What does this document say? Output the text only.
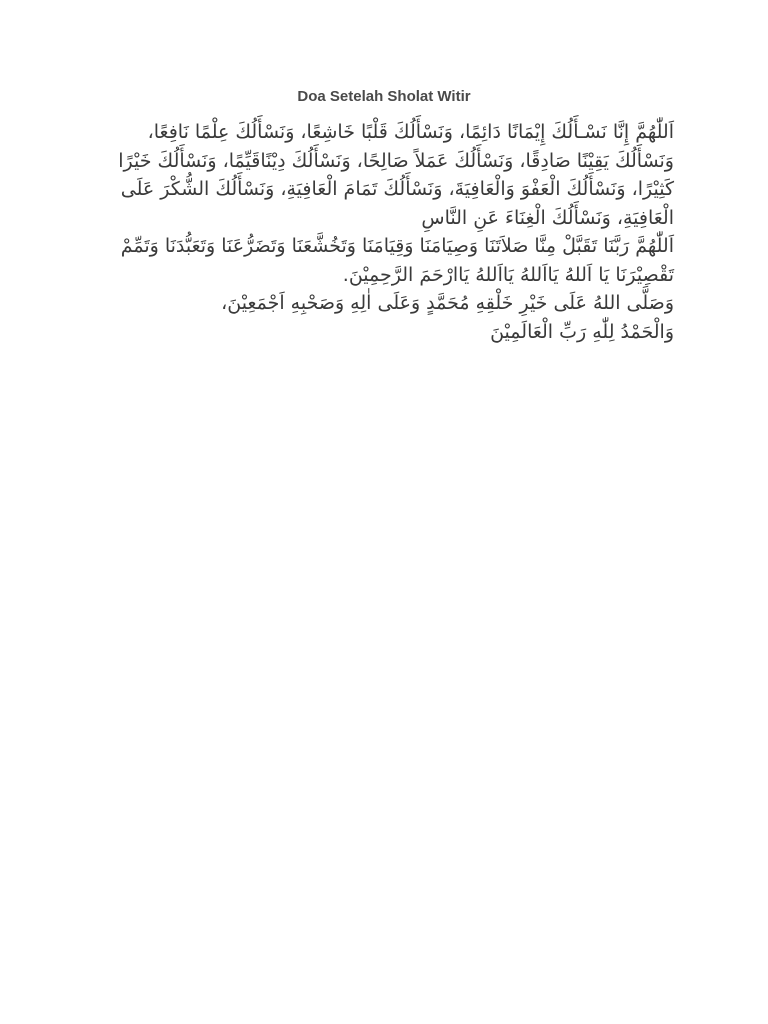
Doa Setelah Sholat Witir

اَللّٰهُمَّ إِنَّا نَسْـأَلُكَ إِيْمَانًا دَائِمًا، وَنَسْأَلُكَ قَلْبًا خَاشِعًا، وَنَسْأَلُكَ عِلْمًا نَافِعًا، وَنَسْأَلُكَ يَقِيْنًا صَادِقًا، وَنَسْأَلُكَ عَمَلاً صَالِحًا، وَنَسْأَلُكَ دِيْنًاقَيِّمًا، وَنَسْأَلُكَ خَيْرًا كَثِيْرًا، وَنَسْأَلُكَ الْعَفْوَ وَالْعَافِيَةَ، وَنَسْأَلُكَ تَمَامَ الْعَافِيَةِ، وَنَسْأَلُكَ الشُّكْرَ عَلَى الْعَافِيَةِ، وَنَسْأَلُكَ الْغِنَاءَ عَنِ النَّاسِ

اَللّٰهُمَّ رَبَّنَا تَقَبَّلْ مِنَّا صَلاَتَنَا وَصِيَامَنَا وَقِيَامَنَا وَتَخُشَّعَنَا وَتَضَرُّعَنَا وَتَعَبُّدَنَا وَتَمِّمْ تَقْصِيْرَنَا يَا اَللهُ يَااَللهُ يَااَللهُ يَاارْحَمَ الرَّحِمِيْنَ.

وَصَلَّى اللهُ عَلَى خَيْرِ خَلْقِهِ مُحَمَّدٍ وَعَلَى اٰلِهِ وَصَحْبِهِ اَجْمَعِيْنَ،

وَالْحَمْدُ لِلّٰهِ رَبِّ الْعَالَمِيْنَ
